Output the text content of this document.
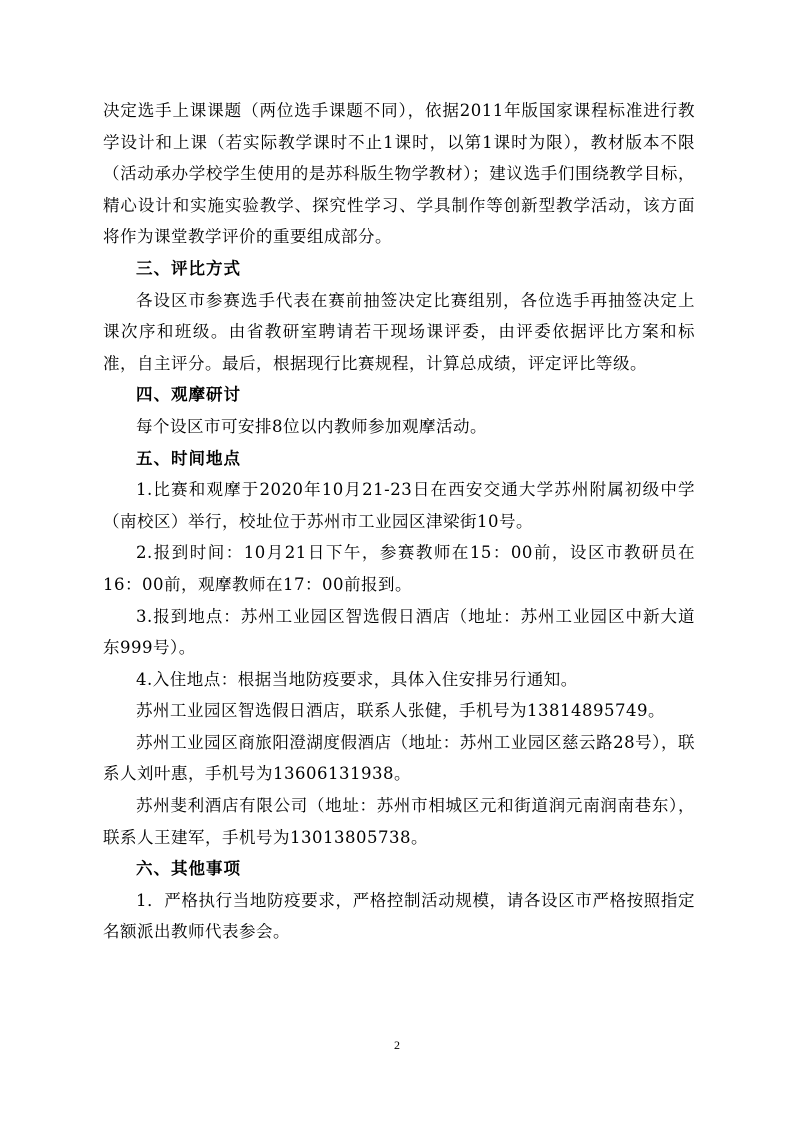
决定选手上课课题（两位选手课题不同），依据2011年版国家课程标准进行教学设计和上课（若实际教学课时不止1课时，以第1课时为限），教材版本不限（活动承办学校学生使用的是苏科版生物学教材）；建议选手们围绕教学目标，精心设计和实施实验教学、探究性学习、学具制作等创新型教学活动，该方面将作为课堂教学评价的重要组成部分。

三、评比方式

各设区市参赛选手代表在赛前抽签决定比赛组别，各位选手再抽签决定上课次序和班级。由省教研室聘请若干现场课评委，由评委依据评比方案和标准，自主评分。最后，根据现行比赛规程，计算总成绩，评定评比等级。

四、观摩研讨

每个设区市可安排8位以内教师参加观摩活动。

五、时间地点

1.比赛和观摩于2020年10月21-23日在西安交通大学苏州附属初级中学（南校区）举行，校址位于苏州市工业园区津梁街10号。

2.报到时间：10月21日下午，参赛教师在15：00前，设区市教研员在16：00前，观摩教师在17：00前报到。

3.报到地点：苏州工业园区智选假日酒店（地址：苏州工业园区中新大道东999号）。

4.入住地点：根据当地防疫要求，具体入住安排另行通知。

苏州工业园区智选假日酒店，联系人张健，手机号为13814895749。

苏州工业园区商旅阳澄湖度假酒店（地址：苏州工业园区慈云路28号），联系人刘叶惠，手机号为13606131938。

苏州斐利酒店有限公司（地址：苏州市相城区元和街道润元南润南巷东），联系人王建军，手机号为13013805738。

六、其他事项

1．严格执行当地防疫要求，严格控制活动规模，请各设区市严格按照指定名额派出教师代表参会。

2
